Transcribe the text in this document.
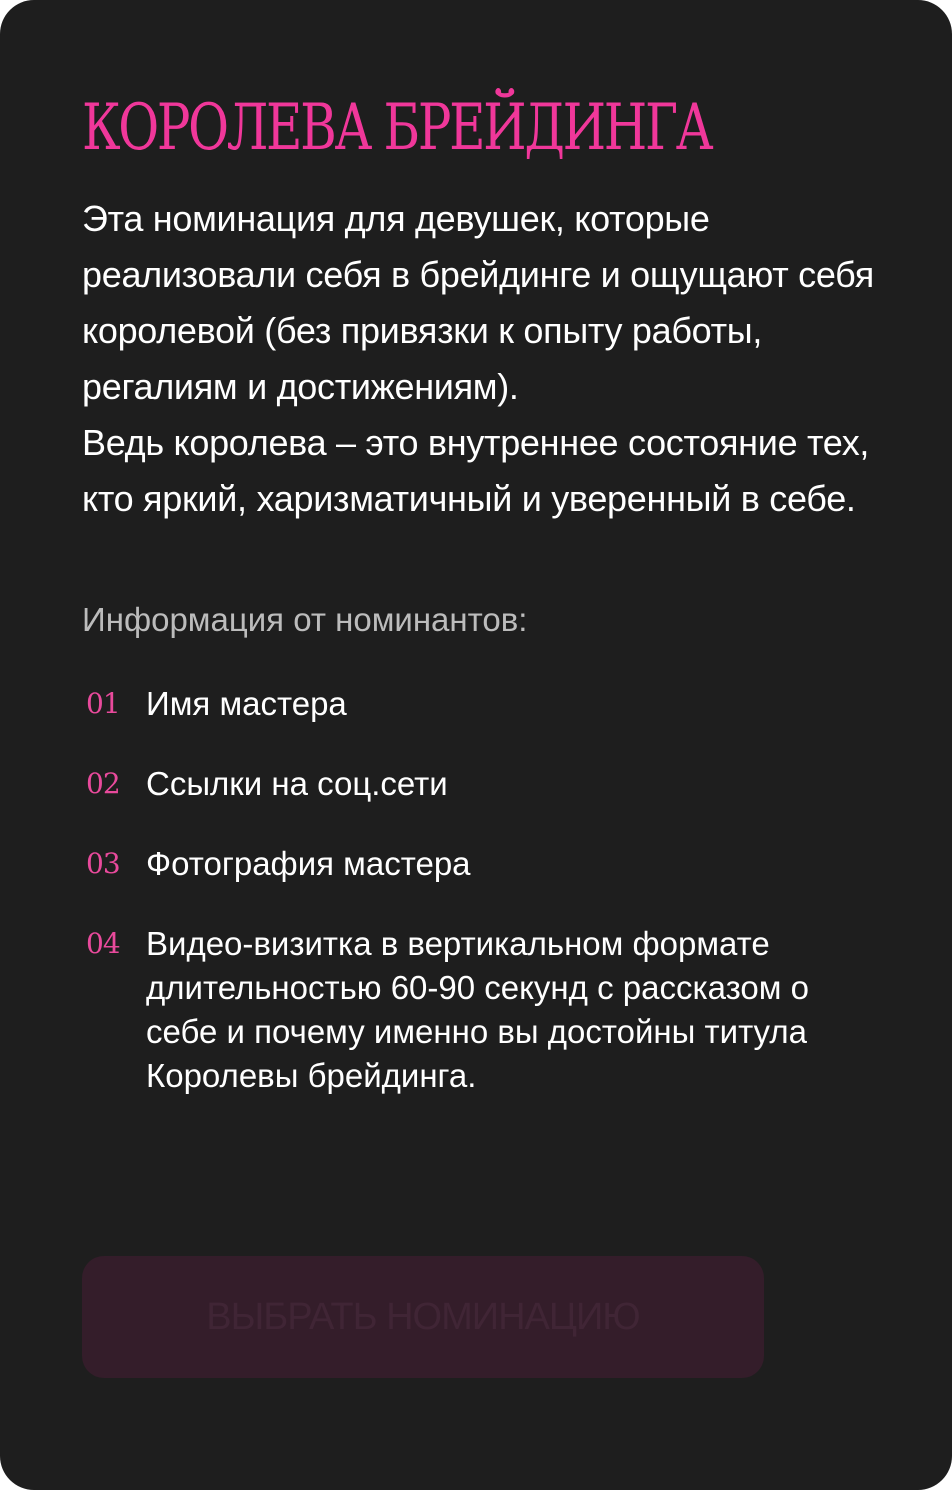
КОРОЛЕВА БРЕЙДИНГА

Эта номинация для девушек, которые реализовали себя в брейдинге и ощущают себя королевой (без привязки к опыту работы, регалиям и достижениям).

Ведь королева – это внутреннее состояние тех, кто яркий, харизматичный и уверенный в себе.

Информация от номинантов:

01 Имя мастера
02 Ссылки на соц.сети
03 Фотография мастера
04 Видео-визитка в вертикальном формате длительностью 60-90 секунд с рассказом о себе и почему именно вы достойны титула Королевы брейдинга.
ВЫБРАТЬ НОМИНАЦИЮ
